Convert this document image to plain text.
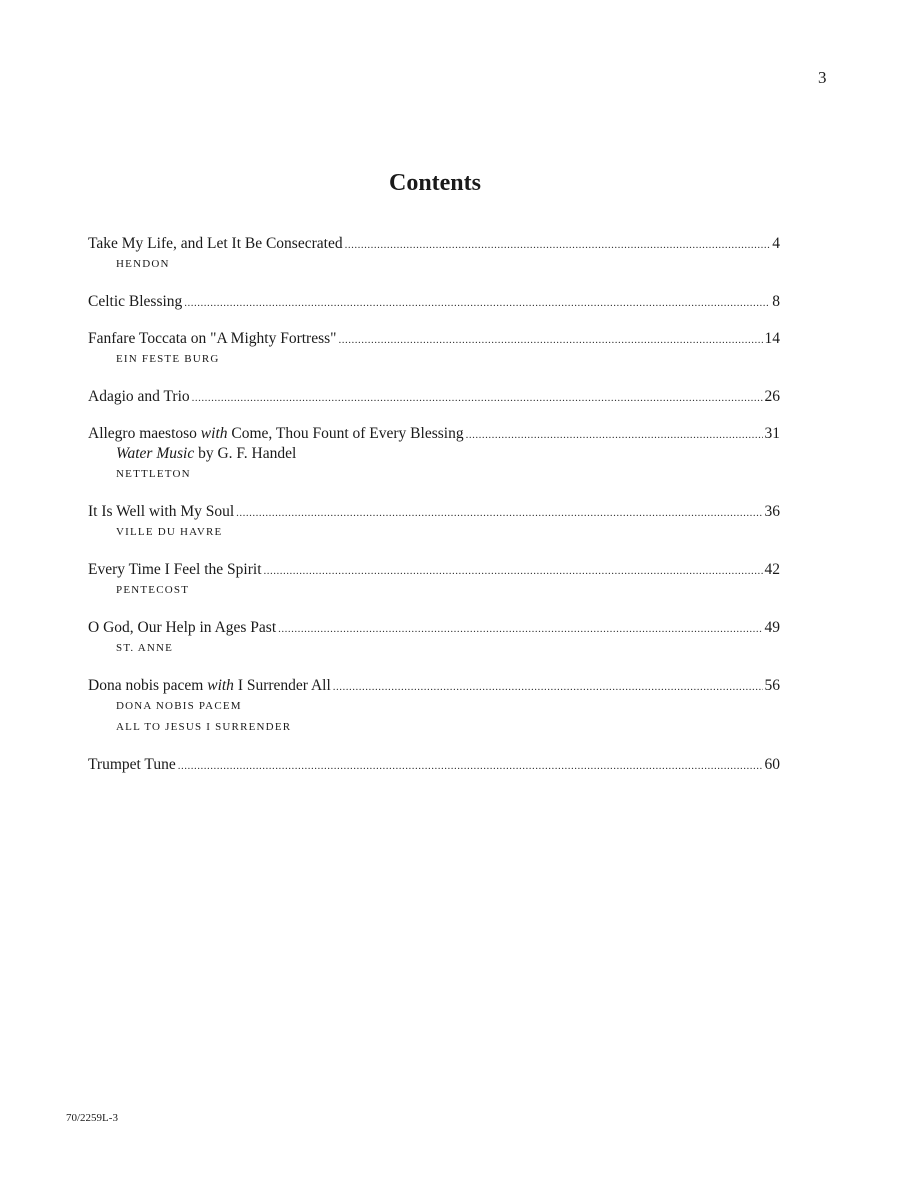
3
Contents
Take My Life, and Let It Be Consecrated .....	4
HENDON
Celtic Blessing .....	8
Fanfare Toccata on "A Mighty Fortress" .....	14
EIN FESTE BURG
Adagio and Trio .....	26
Allegro maestoso with Come, Thou Fount of Every Blessing .....	31
Water Music by G. F. Handel
NETTLETON
It Is Well with My Soul .....	36
VILLE DU HAVRE
Every Time I Feel the Spirit .....	42
PENTECOST
O God, Our Help in Ages Past .....	49
ST. ANNE
Dona nobis pacem with I Surrender All .....	56
DONA NOBIS PACEM
ALL TO JESUS I SURRENDER
Trumpet Tune .....	60
70/2259L-3
